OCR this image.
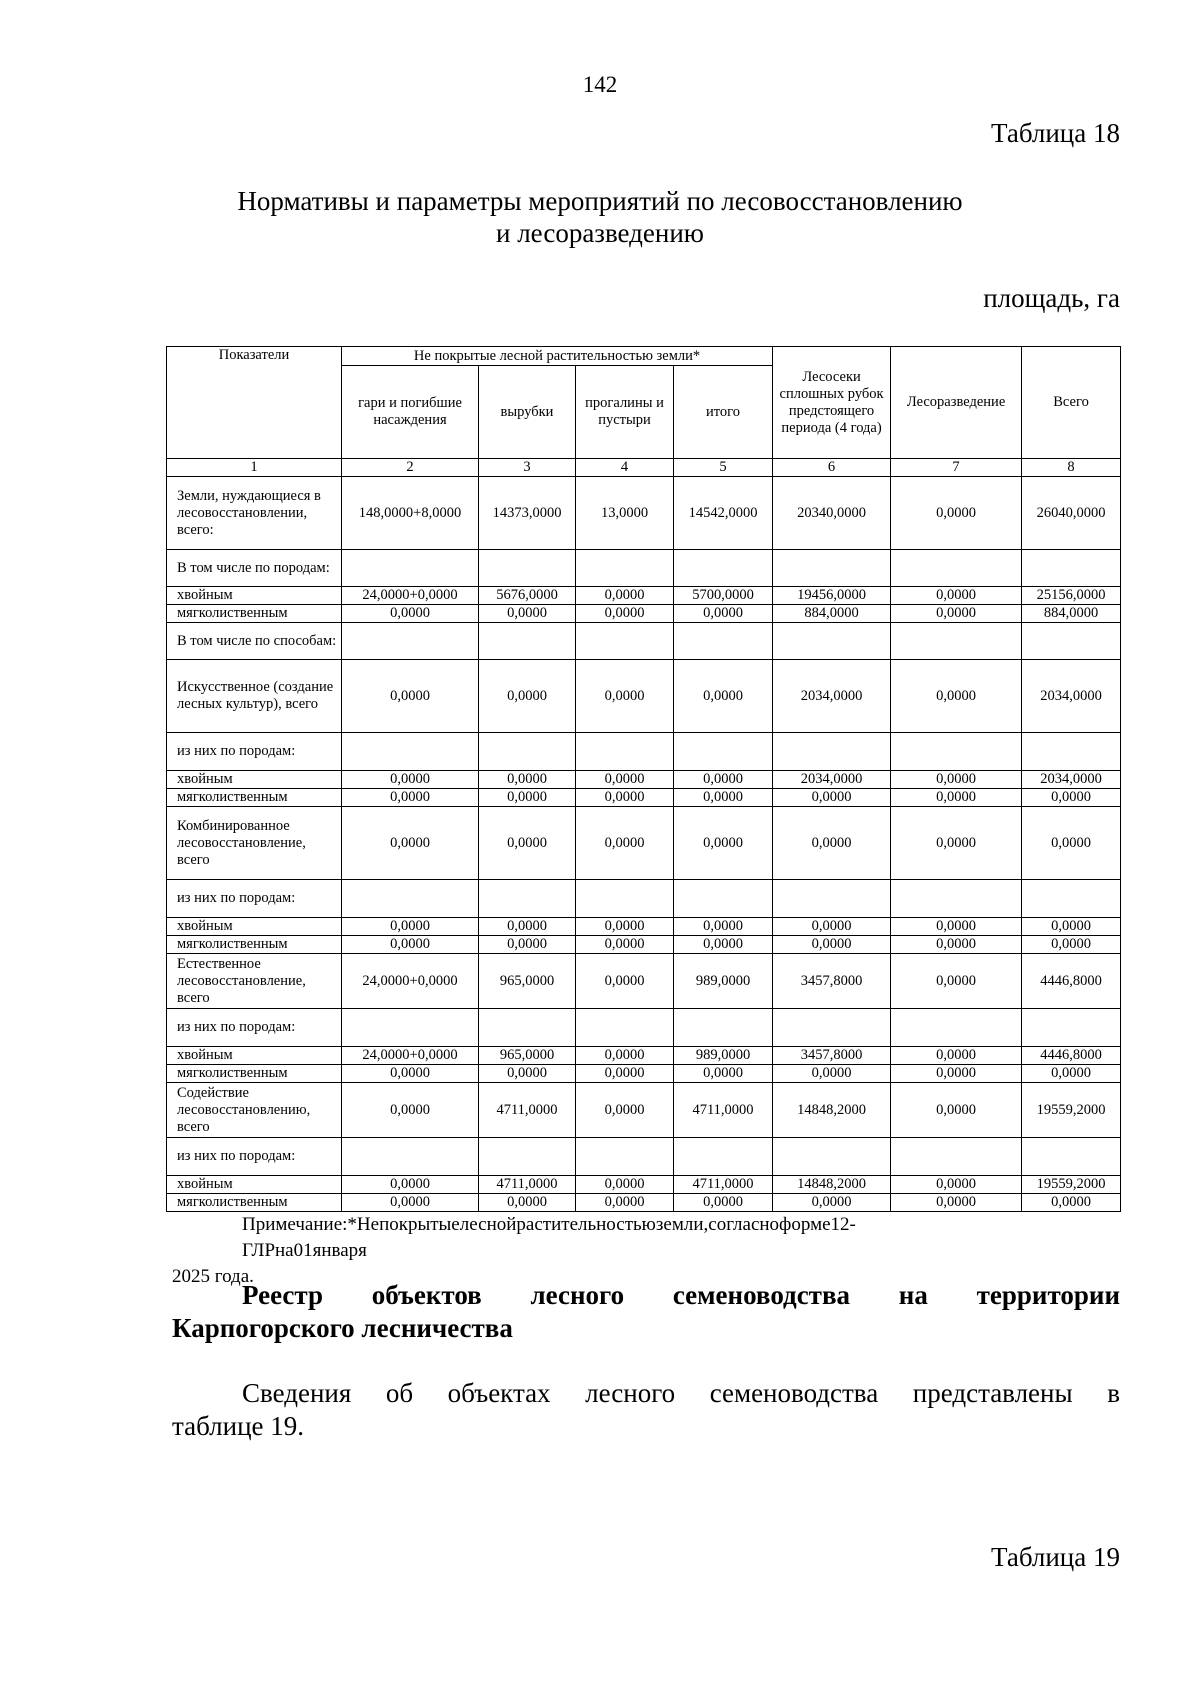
142
Таблица 18
Нормативы и параметры мероприятий по лесовосстановлению
и лесоразведению
площадь, га
Показатели	Не покрытые лесной растительностью земли*				Лесосеки сплошных рубок предстоящего периода (4 года)	Лесоразведение	Всего
	гари и погибшие насаждения	вырубки	прогалины и пустыри	итого			
1	2	3	4	5	6	7	8
Земли, нуждающиеся в лесовосстановлении, всего:	148,0000+8,0000	14373,0000	13,0000	14542,0000	20340,0000	0,0000	26040,0000
В том числе по породам:							
хвойным	24,0000+0,0000	5676,0000	0,0000	5700,0000	19456,0000	0,0000	25156,0000
мягколиственным	0,0000	0,0000	0,0000	0,0000	884,0000	0,0000	884,0000
В том числе по способам:							
Искусственное (создание лесных культур), всего	0,0000	0,0000	0,0000	0,0000	2034,0000	0,0000	2034,0000
из них по породам:							
хвойным	0,0000	0,0000	0,0000	0,0000	2034,0000	0,0000	2034,0000
мягколиственным	0,0000	0,0000	0,0000	0,0000	0,0000	0,0000	0,0000
Комбинированное лесовосстановление, всего	0,0000	0,0000	0,0000	0,0000	0,0000	0,0000	0,0000
из них по породам:							
хвойным	0,0000	0,0000	0,0000	0,0000	0,0000	0,0000	0,0000
мягколиственным	0,0000	0,0000	0,0000	0,0000	0,0000	0,0000	0,0000
Естественное лесовосстановление, всего	24,0000+0,0000	965,0000	0,0000	989,0000	3457,8000	0,0000	4446,8000
из них по породам:							
хвойным	24,0000+0,0000	965,0000	0,0000	989,0000	3457,8000	0,0000	4446,8000
мягколиственным	0,0000	0,0000	0,0000	0,0000	0,0000	0,0000	0,0000
Содействие лесовосстановлению, всего	0,0000	4711,0000	0,0000	4711,0000	14848,2000	0,0000	19559,2000
из них по породам:							
хвойным	0,0000	4711,0000	0,0000	4711,0000	14848,2000	0,0000	19559,2000
мягколиственным	0,0000	0,0000	0,0000	0,0000	0,0000	0,0000	0,0000
Примечание:*Непокрытыелеснойрастительностьюземли,согласноформе12-ГЛРна01января
2025 года.
Реестр объектов лесного семеноводства на территории
Карпогорского лесничества
Сведения об объектах лесного семеноводства представлены в
таблице 19.
Таблица 19
